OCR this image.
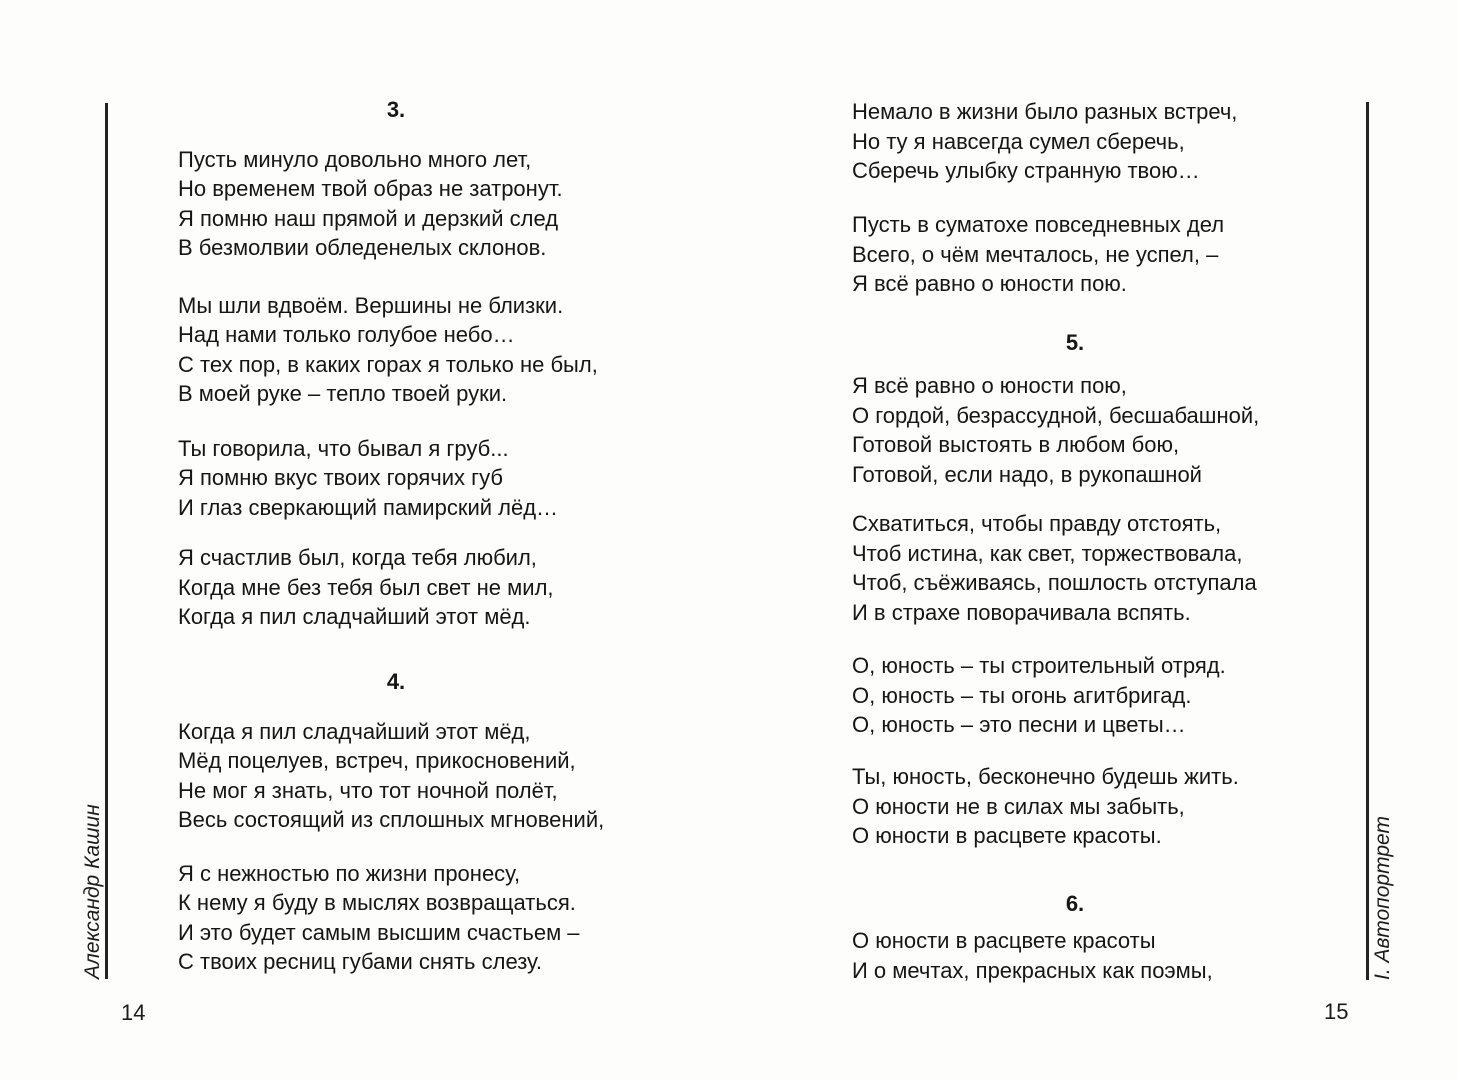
Александр Кашин	I. Автопортрет
14	15
3.
Пусть минуло довольно много лет,
Но временем твой образ не затронут.
Я помню наш прямой и дерзкий след
В безмолвии обледенелых склонов.
Мы шли вдвоём. Вершины не близки.
Над нами только голубое небо…
С тех пор, в каких горах я только не был,
В моей руке – тепло твоей руки.
Ты говорила, что бывал я груб...
Я помню вкус твоих горячих губ
И глаз сверкающий памирский лёд…
Я счастлив был, когда тебя любил,
Когда мне без тебя был свет не мил,
Когда я пил сладчайший этот мёд.
4.
Когда я пил сладчайший этот мёд,
Мёд поцелуев, встреч, прикосновений,
Не мог я знать, что тот ночной полёт,
Весь состоящий из сплошных мгновений,
Я с нежностью по жизни пронесу,
К нему я буду в мыслях возвращаться.
И это будет самым высшим счастьем –
С твоих ресниц губами снять слезу.
Немало в жизни было разных встреч,
Но ту я навсегда сумел сберечь,
Сберечь улыбку странную твою…
Пусть в суматохе повседневных дел
Всего, о чём мечталось, не успел, –
Я всё равно о юности пою.
5.
Я всё равно о юности пою,
О гордой, безрассудной, бесшабашной,
Готовой выстоять в любом бою,
Готовой, если надо, в рукопашной
Схватиться, чтобы правду отстоять,
Чтоб истина, как свет, торжествовала,
Чтоб, съёживаясь, пошлость отступала
И в страхе поворачивала вспять.
О, юность – ты строительный отряд.
О, юность – ты огонь агитбригад.
О, юность – это песни и цветы…
Ты, юность, бесконечно будешь жить.
О юности не в силах мы забыть,
О юности в расцвете красоты.
6.
О юности в расцвете красоты
И о мечтах, прекрасных как поэмы,
